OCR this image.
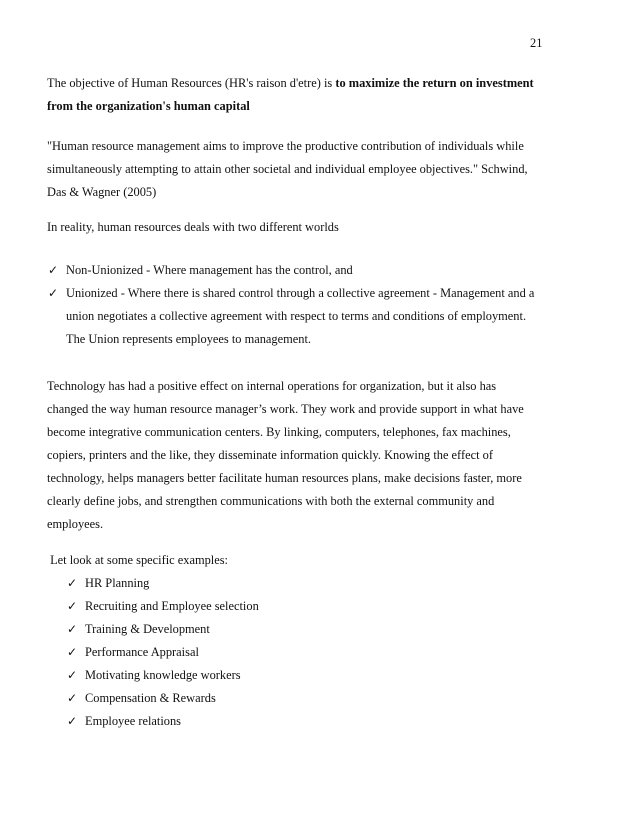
21
The objective of Human Resources (HR's raison d'etre) is to maximize the return on investment
from the organization's human capital
"Human resource management aims to improve the productive contribution of individuals while
simultaneously attempting to attain other societal and individual employee objectives." Schwind,
Das & Wagner (2005)
In reality, human resources deals with two different worlds
✓ Non-Unionized - Where management has the control, and
✓ Unionized - Where there is shared control through a collective agreement - Management and a
union negotiates a collective agreement with respect to terms and conditions of employment.
The Union represents employees to management.
Technology has had a positive effect on internal operations for organization, but it also has
changed the way human resource manager’s work. They work and provide support in what have
become integrative communication centers. By linking, computers, telephones, fax machines,
copiers, printers and the like, they disseminate information quickly. Knowing the effect of
technology, helps managers better facilitate human resources plans, make decisions faster, more
clearly define jobs, and strengthen communications with both the external community and
employees.
Let look at some specific examples:
✓ HR Planning
✓ Recruiting and Employee selection
✓ Training & Development
✓ Performance Appraisal
✓ Motivating knowledge workers
✓ Compensation & Rewards
✓ Employee relations
